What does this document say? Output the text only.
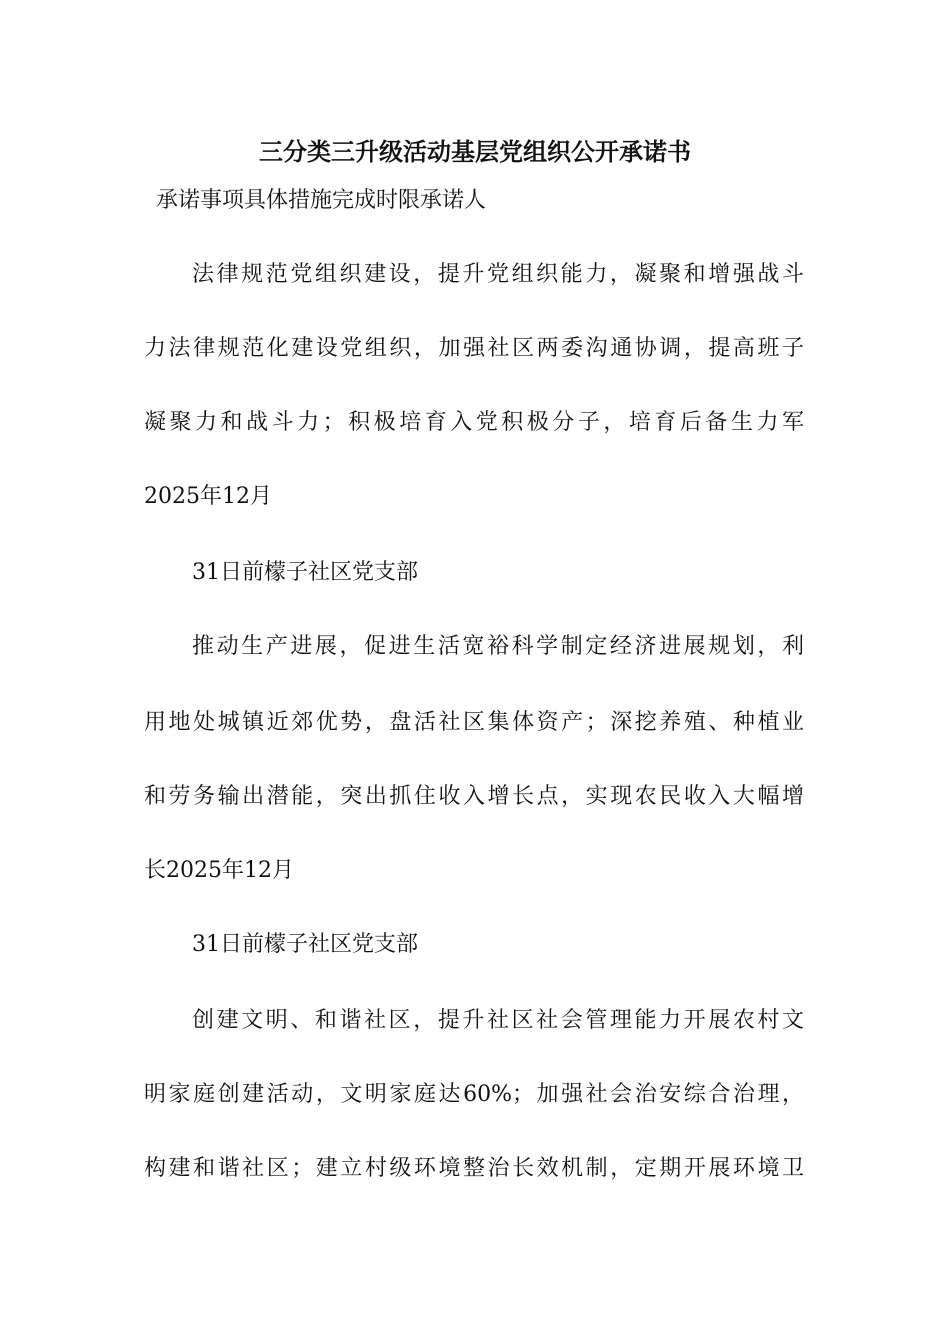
三分类三升级活动基层党组织公开承诺书
承诺事项具体措施完成时限承诺人
法律规范党组织建设，提升党组织能力，凝聚和增强战斗
力法律规范化建设党组织，加强社区两委沟通协调，提高班子
凝聚力和战斗力；积极培育入党积极分子，培育后备生力军
2025年12月
31日前檬子社区党支部
推动生产进展，促进生活宽裕科学制定经济进展规划，利
用地处城镇近郊优势，盘活社区集体资产；深挖养殖、种植业
和劳务输出潜能，突出抓住收入增长点，实现农民收入大幅增
长2025年12月
31日前檬子社区党支部
创建文明、和谐社区，提升社区社会管理能力开展农村文
明家庭创建活动，文明家庭达60%；加强社会治安综合治理，
构建和谐社区；建立村级环境整治长效机制，定期开展环境卫
